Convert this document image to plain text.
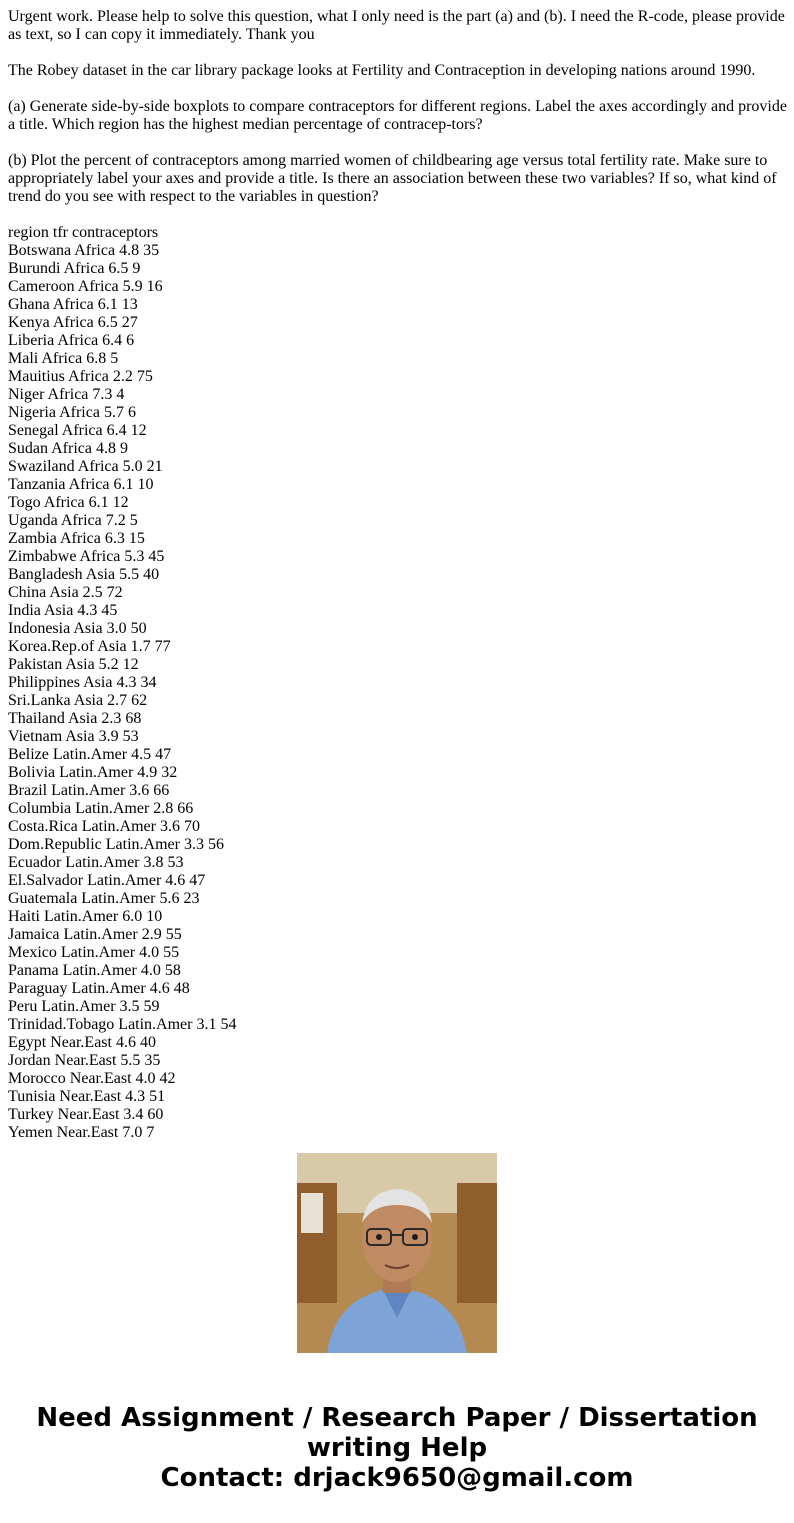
Urgent work. Please help to solve this question, what I only need is the part (a) and (b). I need the R-code, please provide as text, so I can copy it immediately. Thank you

The Robey dataset in the car library package looks at Fertility and Contraception in developing nations around 1990.

(a) Generate side-by-side boxplots to compare contraceptors for different regions. Label the axes accordingly and provide a title. Which region has the highest median percentage of contracep-tors?

(b) Plot the percent of contraceptors among married women of childbearing age versus total fertility rate. Make sure to appropriately label your axes and provide a title. Is there an association between these two variables? If so, what kind of trend do you see with respect to the variables in question?

region tfr contraceptors
Botswana Africa 4.8 35
Burundi Africa 6.5 9
Cameroon Africa 5.9 16
Ghana Africa 6.1 13
Kenya Africa 6.5 27
Liberia Africa 6.4 6
Mali Africa 6.8 5
Mauitius Africa 2.2 75
Niger Africa 7.3 4
Nigeria Africa 5.7 6
Senegal Africa 6.4 12
Sudan Africa 4.8 9
Swaziland Africa 5.0 21
Tanzania Africa 6.1 10
Togo Africa 6.1 12
Uganda Africa 7.2 5
Zambia Africa 6.3 15
Zimbabwe Africa 5.3 45
Bangladesh Asia 5.5 40
China Asia 2.5 72
India Asia 4.3 45
Indonesia Asia 3.0 50
Korea.Rep.of Asia 1.7 77
Pakistan Asia 5.2 12
Philippines Asia 4.3 34
Sri.Lanka Asia 2.7 62
Thailand Asia 2.3 68
Vietnam Asia 3.9 53
Belize Latin.Amer 4.5 47
Bolivia Latin.Amer 4.9 32
Brazil Latin.Amer 3.6 66
Columbia Latin.Amer 2.8 66
Costa.Rica Latin.Amer 3.6 70
Dom.Republic Latin.Amer 3.3 56
Ecuador Latin.Amer 3.8 53
El.Salvador Latin.Amer 4.6 47
Guatemala Latin.Amer 5.6 23
Haiti Latin.Amer 6.0 10
Jamaica Latin.Amer 2.9 55
Mexico Latin.Amer 4.0 55
Panama Latin.Amer 4.0 58
Paraguay Latin.Amer 4.6 48
Peru Latin.Amer 3.5 59
Trinidad.Tobago Latin.Amer 3.1 54
Egypt Near.East 4.6 40
Jordan Near.East 5.5 35
Morocco Near.East 4.0 42
Tunisia Near.East 4.3 51
Turkey Near.East 3.4 60
Yemen Near.East 7.0 7
Need Assignment / Research Paper / Dissertation
writing Help
Contact: drjack9650@gmail.com
